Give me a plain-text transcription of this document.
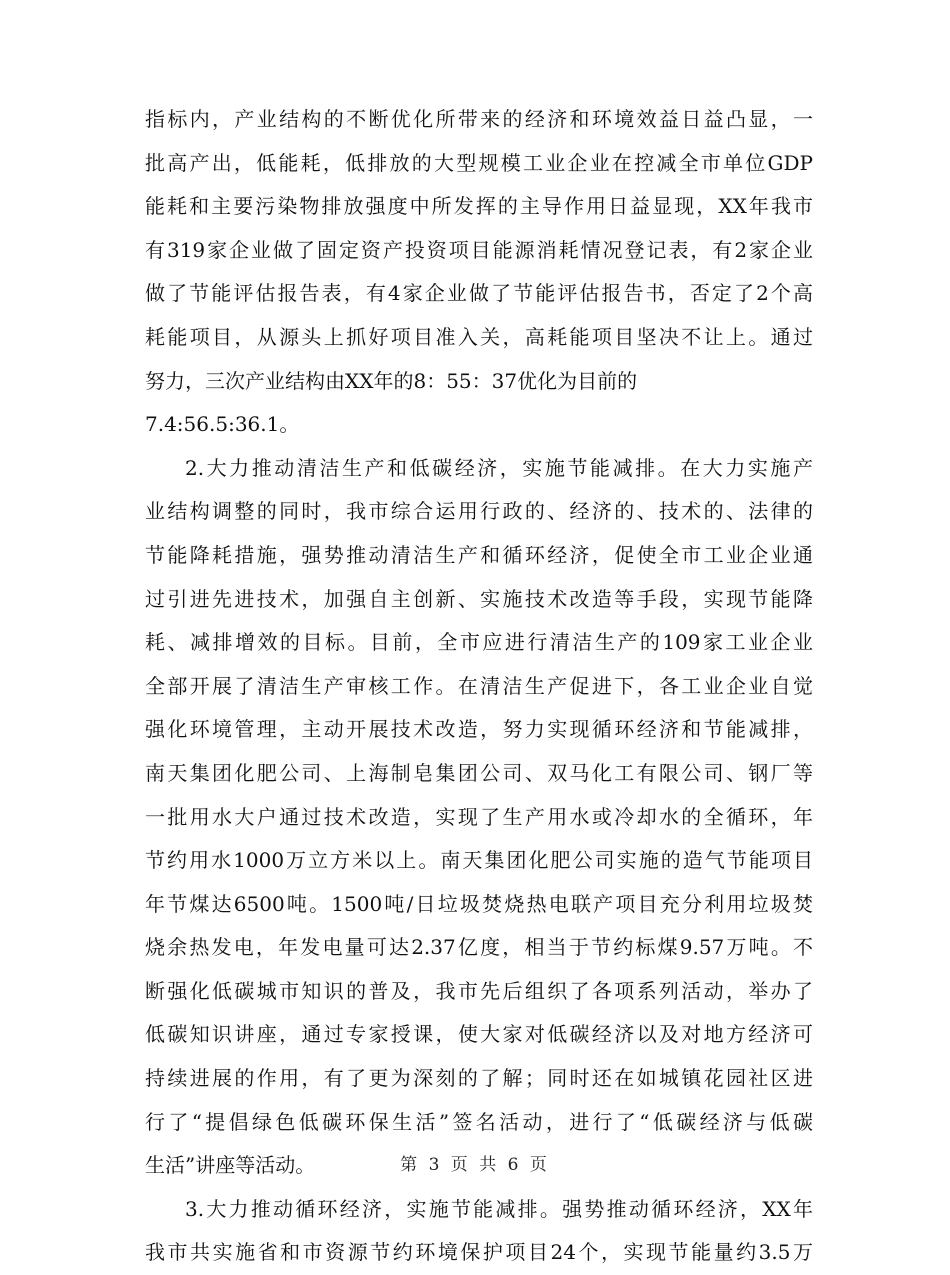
指标内，产业结构的不断优化所带来的经济和环境效益日益凸显，一
批高产出，低能耗，低排放的大型规模工业企业在控减全市单位GDP
能耗和主要污染物排放强度中所发挥的主导作用日益显现，XX年我市
有319家企业做了固定资产投资项目能源消耗情况登记表，有2家企业
做了节能评估报告表，有4家企业做了节能评估报告书，否定了2个高
耗能项目，从源头上抓好项目准入关，高耗能项目坚决不让上。通过
努力，三次产业结构由XX年的8：55：37优化为目前的
7.4:56.5:36.1。
2.大力推动清洁生产和低碳经济，实施节能减排。在大力实施产
业结构调整的同时，我市综合运用行政的、经济的、技术的、法律的
节能降耗措施，强势推动清洁生产和循环经济，促使全市工业企业通
过引进先进技术，加强自主创新、实施技术改造等手段，实现节能降
耗、减排增效的目标。目前，全市应进行清洁生产的109家工业企业
全部开展了清洁生产审核工作。在清洁生产促进下，各工业企业自觉
强化环境管理，主动开展技术改造，努力实现循环经济和节能减排，
南天集团化肥公司、上海制皂集团公司、双马化工有限公司、钢厂等
一批用水大户通过技术改造，实现了生产用水或冷却水的全循环，年
节约用水1000万立方米以上。南天集团化肥公司实施的造气节能项目
年节煤达6500吨。1500吨/日垃圾焚烧热电联产项目充分利用垃圾焚
烧余热发电，年发电量可达2.37亿度，相当于节约标煤9.57万吨。不
断强化低碳城市知识的普及，我市先后组织了各项系列活动，举办了
低碳知识讲座，通过专家授课，使大家对低碳经济以及对地方经济可
持续进展的作用，有了更为深刻的了解；同时还在如城镇花园社区进
行了“提倡绿色低碳环保生活”签名活动，进行了“低碳经济与低碳
生活”讲座等活动。
3.大力推动循环经济，实施节能减排。强势推动循环经济，XX年
我市共实施省和市资源节约环境保护项目24个，实现节能量约3.5万
第 3 页 共 6 页
